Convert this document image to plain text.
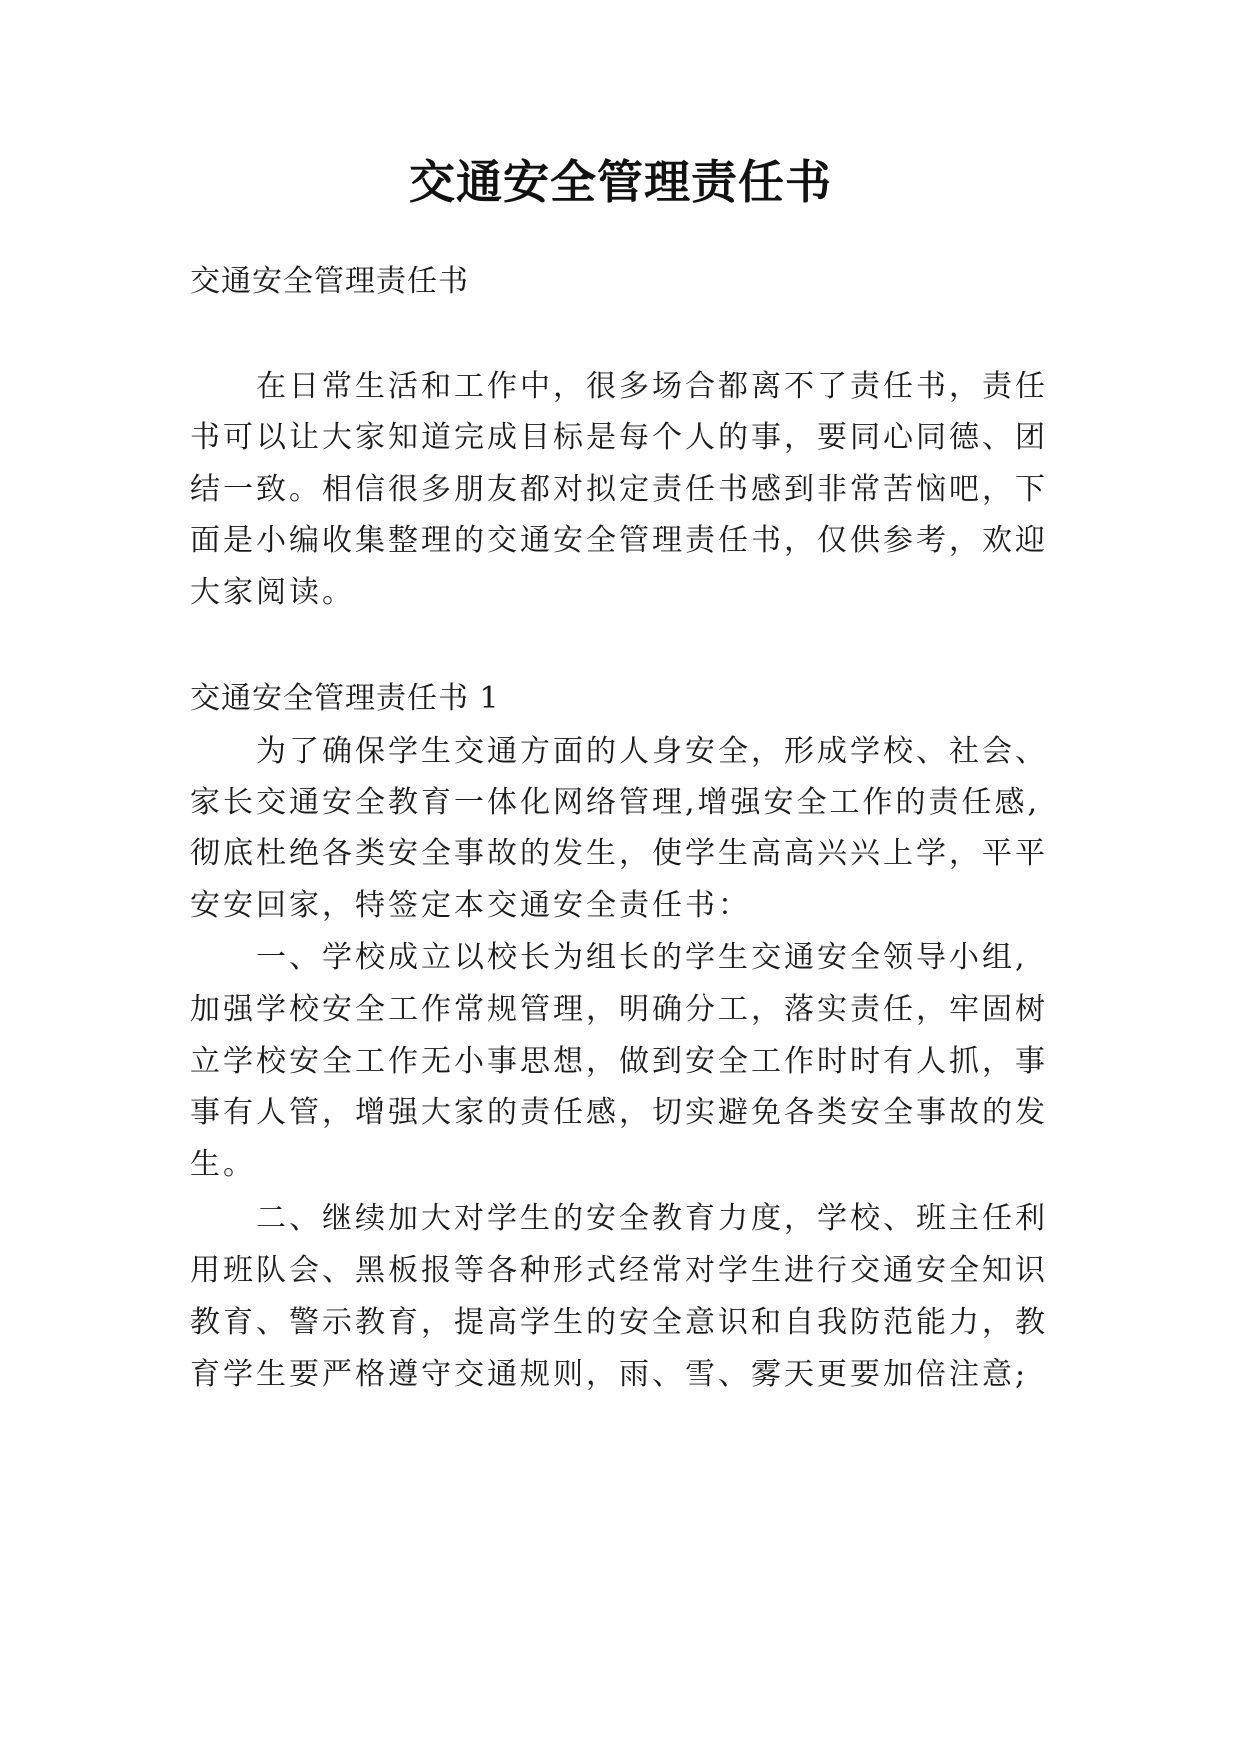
交通安全管理责任书

交通安全管理责任书

在日常生活和工作中，很多场合都离不了责任书，责任

书可以让大家知道完成目标是每个人的事，要同心同德、团

结一致。相信很多朋友都对拟定责任书感到非常苦恼吧，下

面是小编收集整理的交通安全管理责任书，仅供参考，欢迎

大家阅读。

交通安全管理责任书 1

为了确保学生交通方面的人身安全，形成学校、社会、

家长交通安全教育一体化网络管理,增强安全工作的责任感,

彻底杜绝各类安全事故的发生，使学生高高兴兴上学，平平

安安回家，特签定本交通安全责任书：

一、学校成立以校长为组长的学生交通安全领导小组,

加强学校安全工作常规管理，明确分工，落实责任，牢固树

立学校安全工作无小事思想，做到安全工作时时有人抓，事

事有人管，增强大家的责任感，切实避免各类安全事故的发

生。

二、继续加大对学生的安全教育力度，学校、班主任利

用班队会、黑板报等各种形式经常对学生进行交通安全知识

教育、警示教育，提高学生的安全意识和自我防范能力，教

育学生要严格遵守交通规则，雨、雪、雾天更要加倍注意;
